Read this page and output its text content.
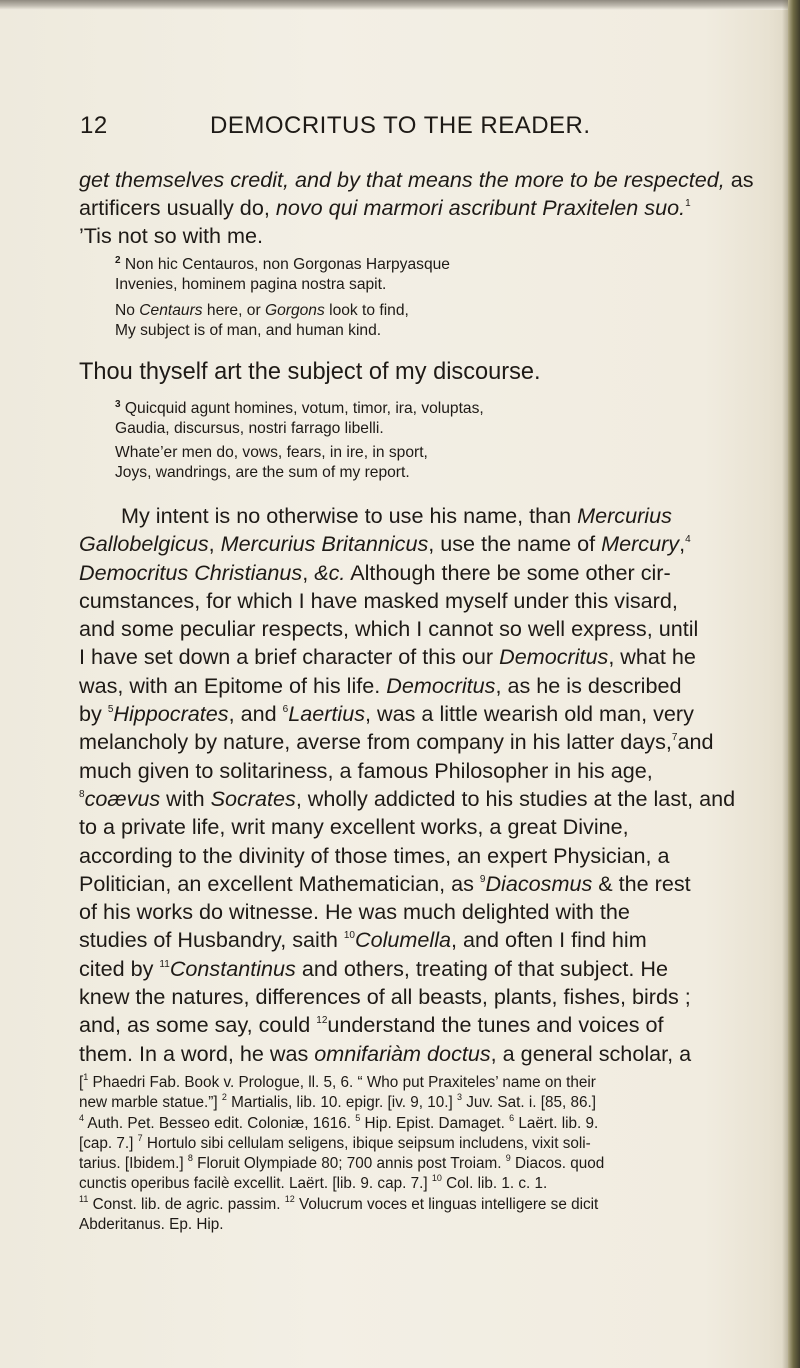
12	DEMOCRITUS TO THE READER.
get themselves credit, and by that means the more to be respected, as
artificers usually do, novo qui marmori ascribunt Praxitelen suo.$^1$
’Tis not so with me.
$^2$ Non hic Centauros, non Gorgonas Harpyasque
Invenies, hominem pagina nostra sapit.
No Centaurs here, or Gorgons look to find,
My subject is of man, and human kind.
Thou thyself art the subject of my discourse.
$^3$ Quicquid agunt homines, votum, timor, ira, voluptas,
Gaudia, discursus, nostri farrago libelli.
Whate’er men do, vows, fears, in ire, in sport,
Joys, wandrings, are the sum of my report.
My intent is no otherwise to use his name, than Mercurius
Gallobelgicus, Mercurius Britannicus, use the name of Mercury,$^4$
Democritus Christianus, &c. Although there be some other cir-
cumstances, for which I have masked myself under this visard,
and some peculiar respects, which I cannot so well express, until
I have set down a brief character of this our Democritus, what he
was, with an Epitome of his life. Democritus, as he is described
by $^5$Hippocrates, and $^6$Laertius, was a little wearish old man, very
melancholy by nature, averse from company in his latter days,$^7$and
much given to solitariness, a famous Philosopher in his age,
$^8$coævus with Socrates, wholly addicted to his studies at the last, and
to a private life, writ many excellent works, a great Divine,
according to the divinity of those times, an expert Physician, a
Politician, an excellent Mathematician, as $^9$Diacosmus & the rest
of his works do witnesse. He was much delighted with the
studies of Husbandry, saith $^{10}$Columella, and often I find him
cited by $^{11}$Constantinus and others, treating of that subject. He
knew the natures, differences of all beasts, plants, fishes, birds ;
and, as some say, could $^{12}$understand the tunes and voices of
them. In a word, he was omnifariàm doctus, a general scholar, a
[$^1$ Phaedri Fab. Book v. Prologue, ll. 5, 6. “ Who put Praxiteles’ name on their
new marble statue.”] $^2$ Martialis, lib. 10. epigr. [iv. 9, 10.] $^3$ Juv. Sat. i. [85, 86.]
$^4$ Auth. Pet. Besseo edit. Coloniæ, 1616. $^5$ Hip. Epist. Damaget. $^6$ Laërt. lib. 9.
[cap. 7.] $^7$ Hortulo sibi cellulam seligens, ibique seipsum includens, vixit soli-
tarius. [Ibidem.] $^8$ Floruit Olympiade 80; 700 annis post Troiam. $^9$ Diacos. quod
cunctis operibus facilè excellit. Laërt. [lib. 9. cap. 7.] $^{10}$ Col. lib. 1. c. 1.
$^{11}$ Const. lib. de agric. passim. $^{12}$ Volucrum voces et linguas intelligere se dicit
Abderitanus. Ep. Hip.
